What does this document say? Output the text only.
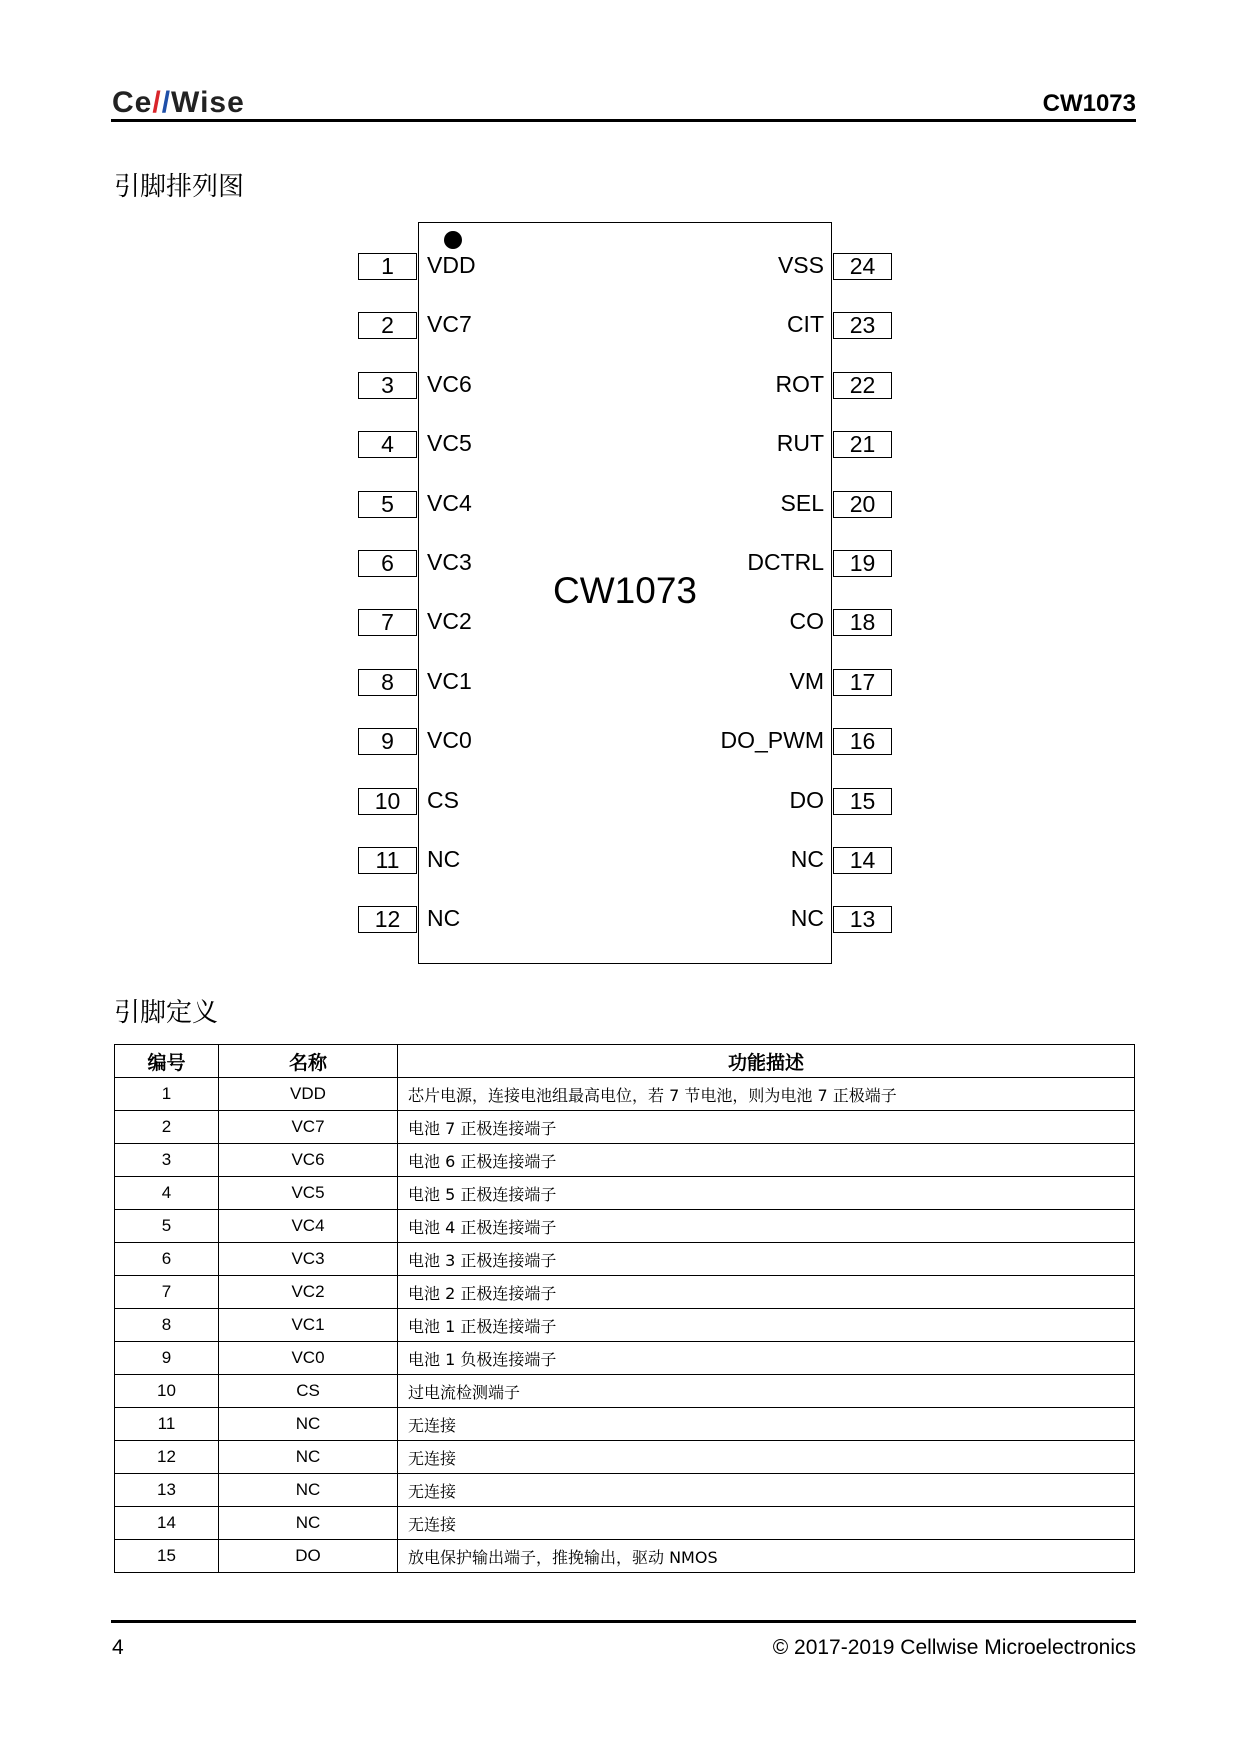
Ce//Wise	CW1073
引脚排列图
CW1073
1	VDD
2	VC7
3	VC6
4	VC5
5	VC4
6	VC3
7	VC2
8	VC1
9	VC0
10	CS
11	NC
12	NC
24
VSS
23
CIT
22
ROT
21
RUT
20
SEL
19
DCTRL
18
CO
17
VM
16
DO_PWM
15
DO
14
NC
13
NC
引脚定义
编号	名称	功能描述
1	VDD	芯片电源，连接电池组最高电位，若 7 节电池，则为电池 7 正极端子
2	VC7	电池 7 正极连接端子
3	VC6	电池 6 正极连接端子
4	VC5	电池 5 正极连接端子
5	VC4	电池 4 正极连接端子
6	VC3	电池 3 正极连接端子
7	VC2	电池 2 正极连接端子
8	VC1	电池 1 正极连接端子
9	VC0	电池 1 负极连接端子
10	CS	过电流检测端子
11	NC	无连接
12	NC	无连接
13	NC	无连接
14	NC	无连接
15	DO	放电保护输出端子，推挽输出，驱动 NMOS
4	© 2017-2019 Cellwise Microelectronics
